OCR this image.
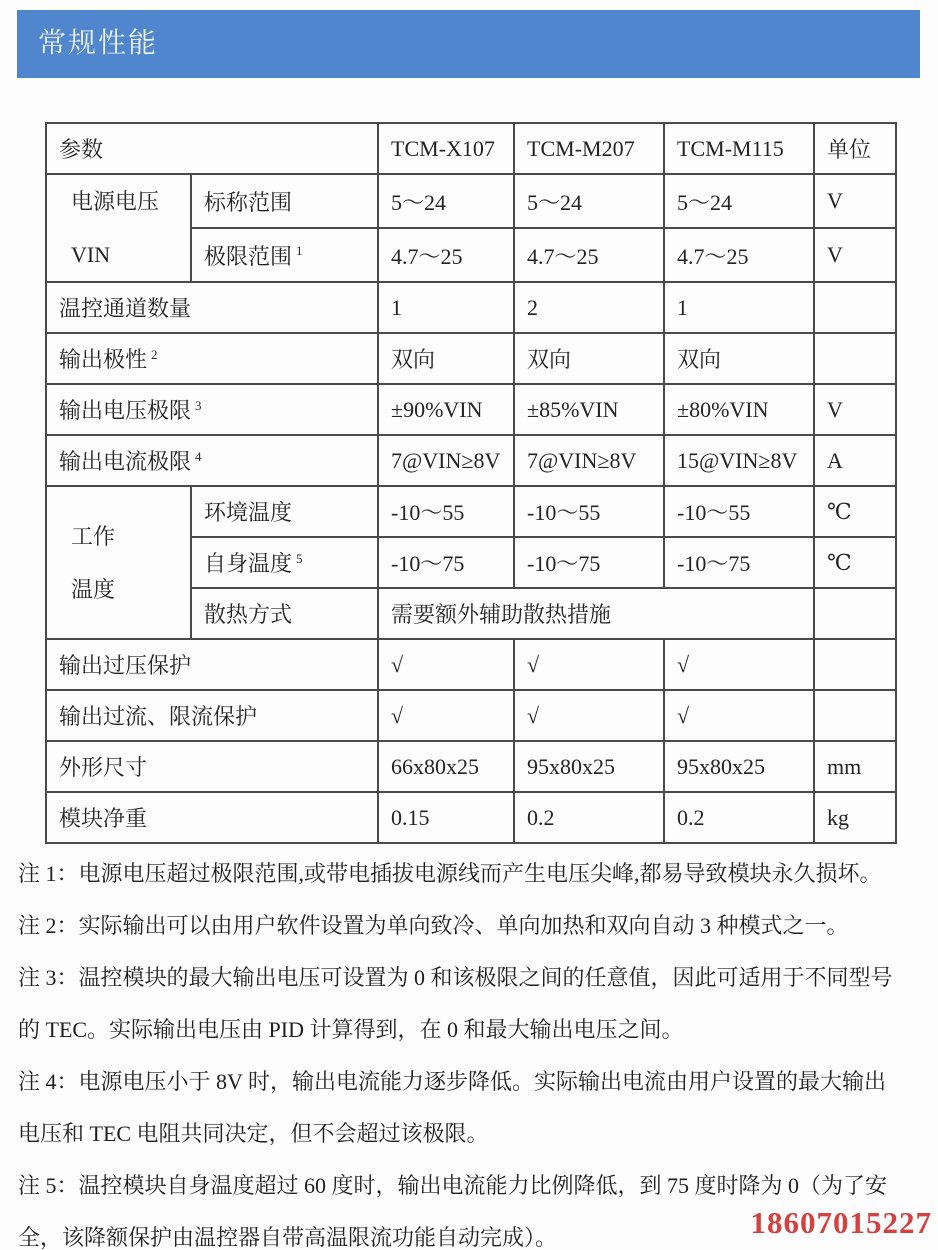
常规性能
参数		TCM-X107	TCM-M207	TCM-M115	单位

电源电压
VIN	标称范围	5～24	5～24	5～24	V
	极限范围 $^1$	4.7～25	4.7～25	4.7～25	V
温控通道数量		1	2	1	
输出极性 $^2$		双向	双向	双向	
输出电压极限 $^3$		±90%VIN	±85%VIN	±80%VIN	V
输出电流极限 $^4$		7@VIN≥8V	7@VIN≥8V	15@VIN≥8V	A

工作
温度	环境温度	-10～55	-10～55	-10～55	℃
	自身温度 $^5$	-10～75	-10～75	-10～75	℃
	散热方式	需要额外辅助散热措施			
输出过压保护		√	√	√	
输出过流、限流保护		√	√	√	
外形尺寸		66x80x25	95x80x25	95x80x25	mm
模块净重		0.15	0.2	0.2	kg
注 1：电源电压超过极限范围,或带电插拔电源线而产生电压尖峰,都易导致模块永久损坏。
注 2：实际输出可以由用户软件设置为单向致冷、单向加热和双向自动 3 种模式之一。
注 3：温控模块的最大输出电压可设置为 0 和该极限之间的任意值，因此可适用于不同型号
的 TEC。实际输出电压由 PID 计算得到，在 0 和最大输出电压之间。
注 4：电源电压小于 8V 时，输出电流能力逐步降低。实际输出电流由用户设置的最大输出
电压和 TEC 电阻共同决定，但不会超过该极限。
注 5：温控模块自身温度超过 60 度时，输出电流能力比例降低，到 75 度时降为 0（为了安
全，该降额保护由温控器自带高温限流功能自动完成）。	18607015227
